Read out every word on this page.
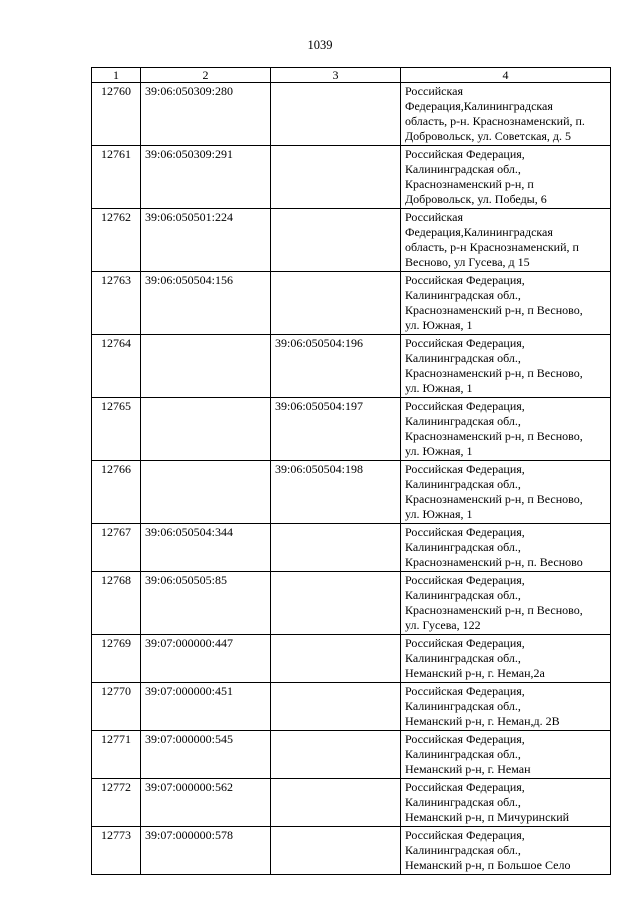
1039
1	2	3	4
12760	39:06:050309:280		Российская
Федерация,Калининградская
область, р-н. Краснознаменский, п.
Добровольск, ул. Советская, д. 5
12761	39:06:050309:291		Российская Федерация,
Калининградская обл.,
Краснознаменский р-н, п
Добровольск, ул. Победы, 6
12762	39:06:050501:224		Российская
Федерация,Калининградская
область, р-н Краснознаменский, п
Весново, ул Гусева, д 15
12763	39:06:050504:156		Российская Федерация,
Калининградская обл.,
Краснознаменский р-н, п Весново,
ул. Южная, 1
12764		39:06:050504:196	Российская Федерация,
Калининградская обл.,
Краснознаменский р-н, п Весново,
ул. Южная, 1
12765		39:06:050504:197	Российская Федерация,
Калининградская обл.,
Краснознаменский р-н, п Весново,
ул. Южная, 1
12766		39:06:050504:198	Российская Федерация,
Калининградская обл.,
Краснознаменский р-н, п Весново,
ул. Южная, 1
12767	39:06:050504:344		Российская Федерация,
Калининградская обл.,
Краснознаменский р-н, п. Весново
12768	39:06:050505:85		Российская Федерация,
Калининградская обл.,
Краснознаменский р-н, п Весново,
ул. Гусева, 122
12769	39:07:000000:447		Российская Федерация,
Калининградская обл.,
Неманский р-н, г. Неман,2а
12770	39:07:000000:451		Российская Федерация,
Калининградская обл.,
Неманский р-н, г. Неман,д. 2В
12771	39:07:000000:545		Российская Федерация,
Калининградская обл.,
Неманский р-н, г. Неман
12772	39:07:000000:562		Российская Федерация,
Калининградская обл.,
Неманский р-н, п Мичуринский
12773	39:07:000000:578		Российская Федерация,
Калининградская обл.,
Неманский р-н, п Большое Село
